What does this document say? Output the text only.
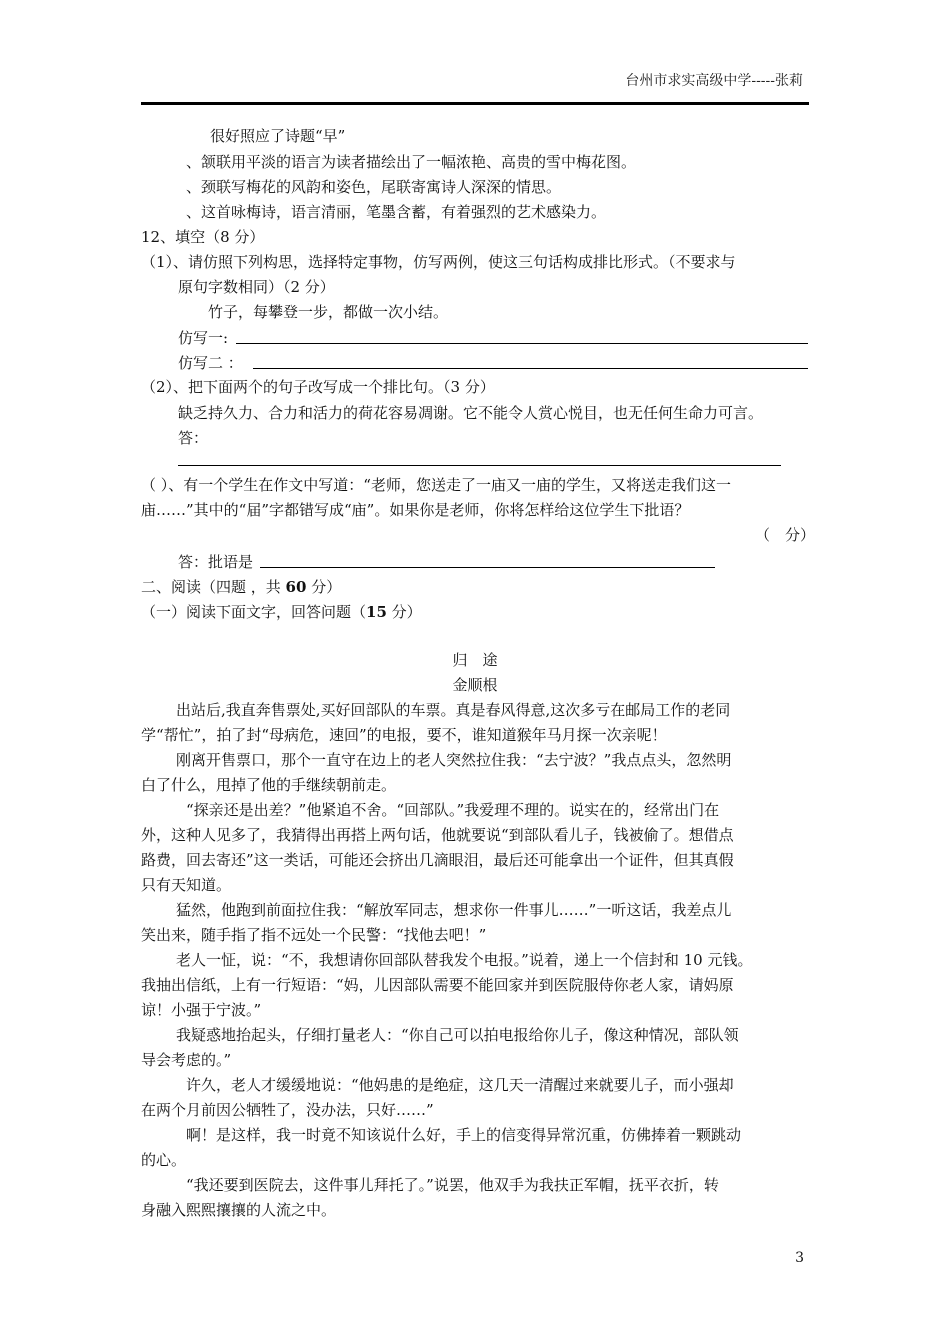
台州市求实高级中学-----张莉
很好照应了诗题“早”
、颔联用平淡的语言为读者描绘出了一幅浓艳、高贵的雪中梅花图。
、颈联写梅花的风韵和姿色，尾联寄寓诗人深深的情思。
、这首咏梅诗，语言清丽，笔墨含蓄，有着强烈的艺术感染力。
12、填空（8 分）
（1）、请仿照下列构思，选择特定事物，仿写两例，使这三句话构成排比形式。（不要求与
原句字数相同）（2 分）
竹子，每攀登一步，都做一次小结。
仿写一:
仿写二 ：
（2）、把下面两个的句子改写成一个排比句。（3 分）
缺乏持久力、合力和活力的荷花容易凋谢。它不能令人赏心悦目，也无任何生命力可言。
答：
（ ）、有一个学生在作文中写道：“老师，您送走了一庙又一庙的学生，又将送走我们这一
庙……”其中的“届”字都错写成“庙”。如果你是老师，你将怎样给这位学生下批语？
（　分）
答：批语是
二、阅读（四题 ，共 60 分）
（一）阅读下面文字，回答问题（15 分）
归　途
金顺根
出站后,我直奔售票处,买好回部队的车票。真是春风得意,这次多亏在邮局工作的老同
学“帮忙”，拍了封“母病危，速回”的电报，要不，谁知道猴年马月探一次亲呢！
刚离开售票口，那个一直守在边上的老人突然拉住我：“去宁波？”我点点头，忽然明
白了什么，甩掉了他的手继续朝前走。
“探亲还是出差？”他紧追不舍。“回部队。”我爱理不理的。说实在的，经常出门在
外，这种人见多了，我猜得出再搭上两句话，他就要说“到部队看儿子，钱被偷了。想借点
路费，回去寄还”这一类话，可能还会挤出几滴眼泪，最后还可能拿出一个证件，但其真假
只有天知道。
猛然，他跑到前面拉住我：“解放军同志，想求你一件事儿……”一听这话，我差点儿
笑出来，随手指了指不远处一个民警：“找他去吧！”
老人一怔，说：“不，我想请你回部队替我发个电报。”说着，递上一个信封和 10 元钱。
我抽出信纸，上有一行短语：“妈，儿因部队需要不能回家并到医院服侍你老人家，请妈原
谅！小强于宁波。”
我疑惑地抬起头，仔细打量老人：“你自己可以拍电报给你儿子，像这种情况，部队领
导会考虑的。”
许久，老人才缓缓地说：“他妈患的是绝症，这几天一清醒过来就要儿子，而小强却
在两个月前因公牺牲了，没办法，只好……”
啊！是这样，我一时竟不知该说什么好，手上的信变得异常沉重，仿佛捧着一颗跳动
的心。
“我还要到医院去，这件事儿拜托了。”说罢，他双手为我扶正军帽，抚平衣折，转
身融入熙熙攘攘的人流之中。
3
